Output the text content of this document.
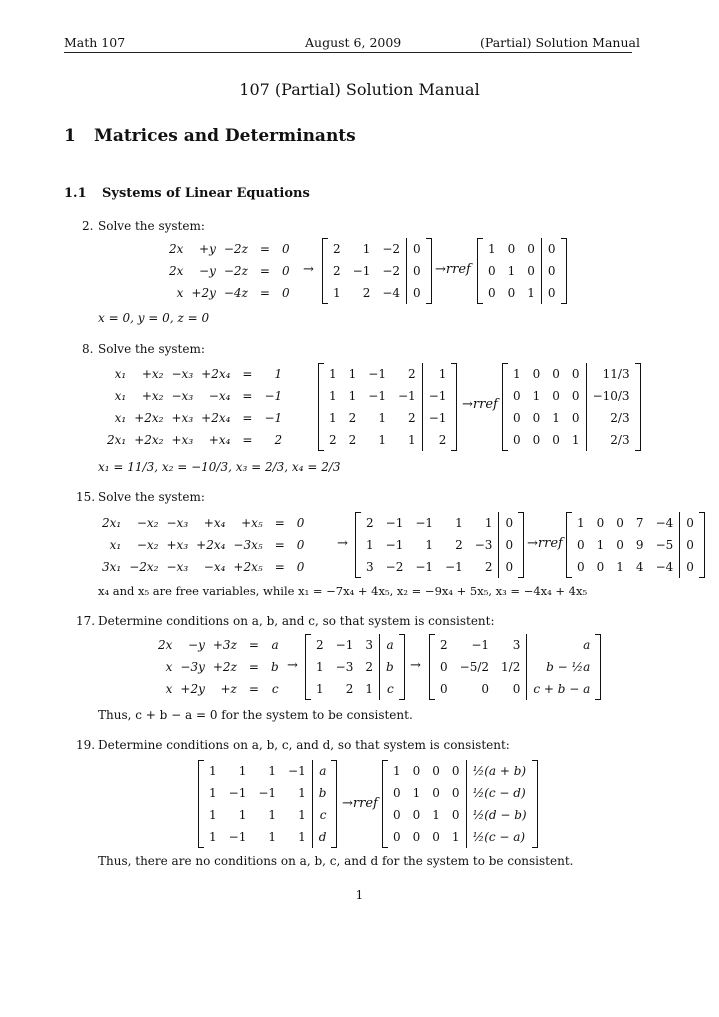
Math 107	August 6, 2009	(Partial) Solution Manual
107 (Partial) Solution Manual
1 Matrices and Determinants
1.1 Systems of Linear Equations
2. Solve the system:
2x	+y	−2z	=	0
2x	−y	−2z	=	0
x	+2y	−4z	=	0
→
2	1	−2	0
2	−1	−2	0
1	2	−4	0
→rref
1	0	0	0
0	1	0	0
0	0	1	0
x = 0, y = 0, z = 0
8. Solve the system:
x₁	+x₂	−x₃	+2x₄	=	1
x₁	+x₂	−x₃	−x₄	=	−1
x₁	+2x₂	+x₃	+2x₄	=	−1
2x₁	+2x₂	+x₃	+x₄	=	2
1	1	−1	2	1
1	1	−1	−1	−1
1	2	1	2	−1
2	2	1	1	2
→rref
1	0	0	0	11/3
0	1	0	0	−10/3
0	0	1	0	2/3
0	0	0	1	2/3
x₁ = 11/3, x₂ = −10/3, x₃ = 2/3, x₄ = 2/3
15. Solve the system:
2x₁	−x₂	−x₃	+x₄	+x₅	=	0
x₁	−x₂	+x₃	+2x₄	−3x₅	=	0
3x₁	−2x₂	−x₃	−x₄	+2x₅	=	0
→
2	−1	−1	1	1	0
1	−1	1	2	−3	0
3	−2	−1	−1	2	0
→rref
1	0	0	7	−4	0
0	1	0	9	−5	0
0	0	1	4	−4	0
x₄ and x₅ are free variables, while x₁ = −7x₄ + 4x₅, x₂ = −9x₄ + 5x₅, x₃ = −4x₄ + 4x₅
17. Determine conditions on a, b, and c, so that system is consistent:
2x	−y	+3z	=	a
x	−3y	+2z	=	b
x	+2y	+z	=	c
→
2	−1	3	a
1	−3	2	b
1	2	1	c
→
2	−1	3	a
0	−5/2	1/2	b − ½a
0	0	0	c + b − a
Thus, c + b − a = 0 for the system to be consistent.
19. Determine conditions on a, b, c, and d, so that system is consistent:
1	1	1	−1	a
1	−1	−1	1	b
1	1	1	1	c
1	−1	1	1	d
→rref
1	0	0	0	½(a + b)
0	1	0	0	½(c − d)
0	0	1	0	½(d − b)
0	0	0	1	½(c − a)
Thus, there are no conditions on a, b, c, and d for the system to be consistent.
1
